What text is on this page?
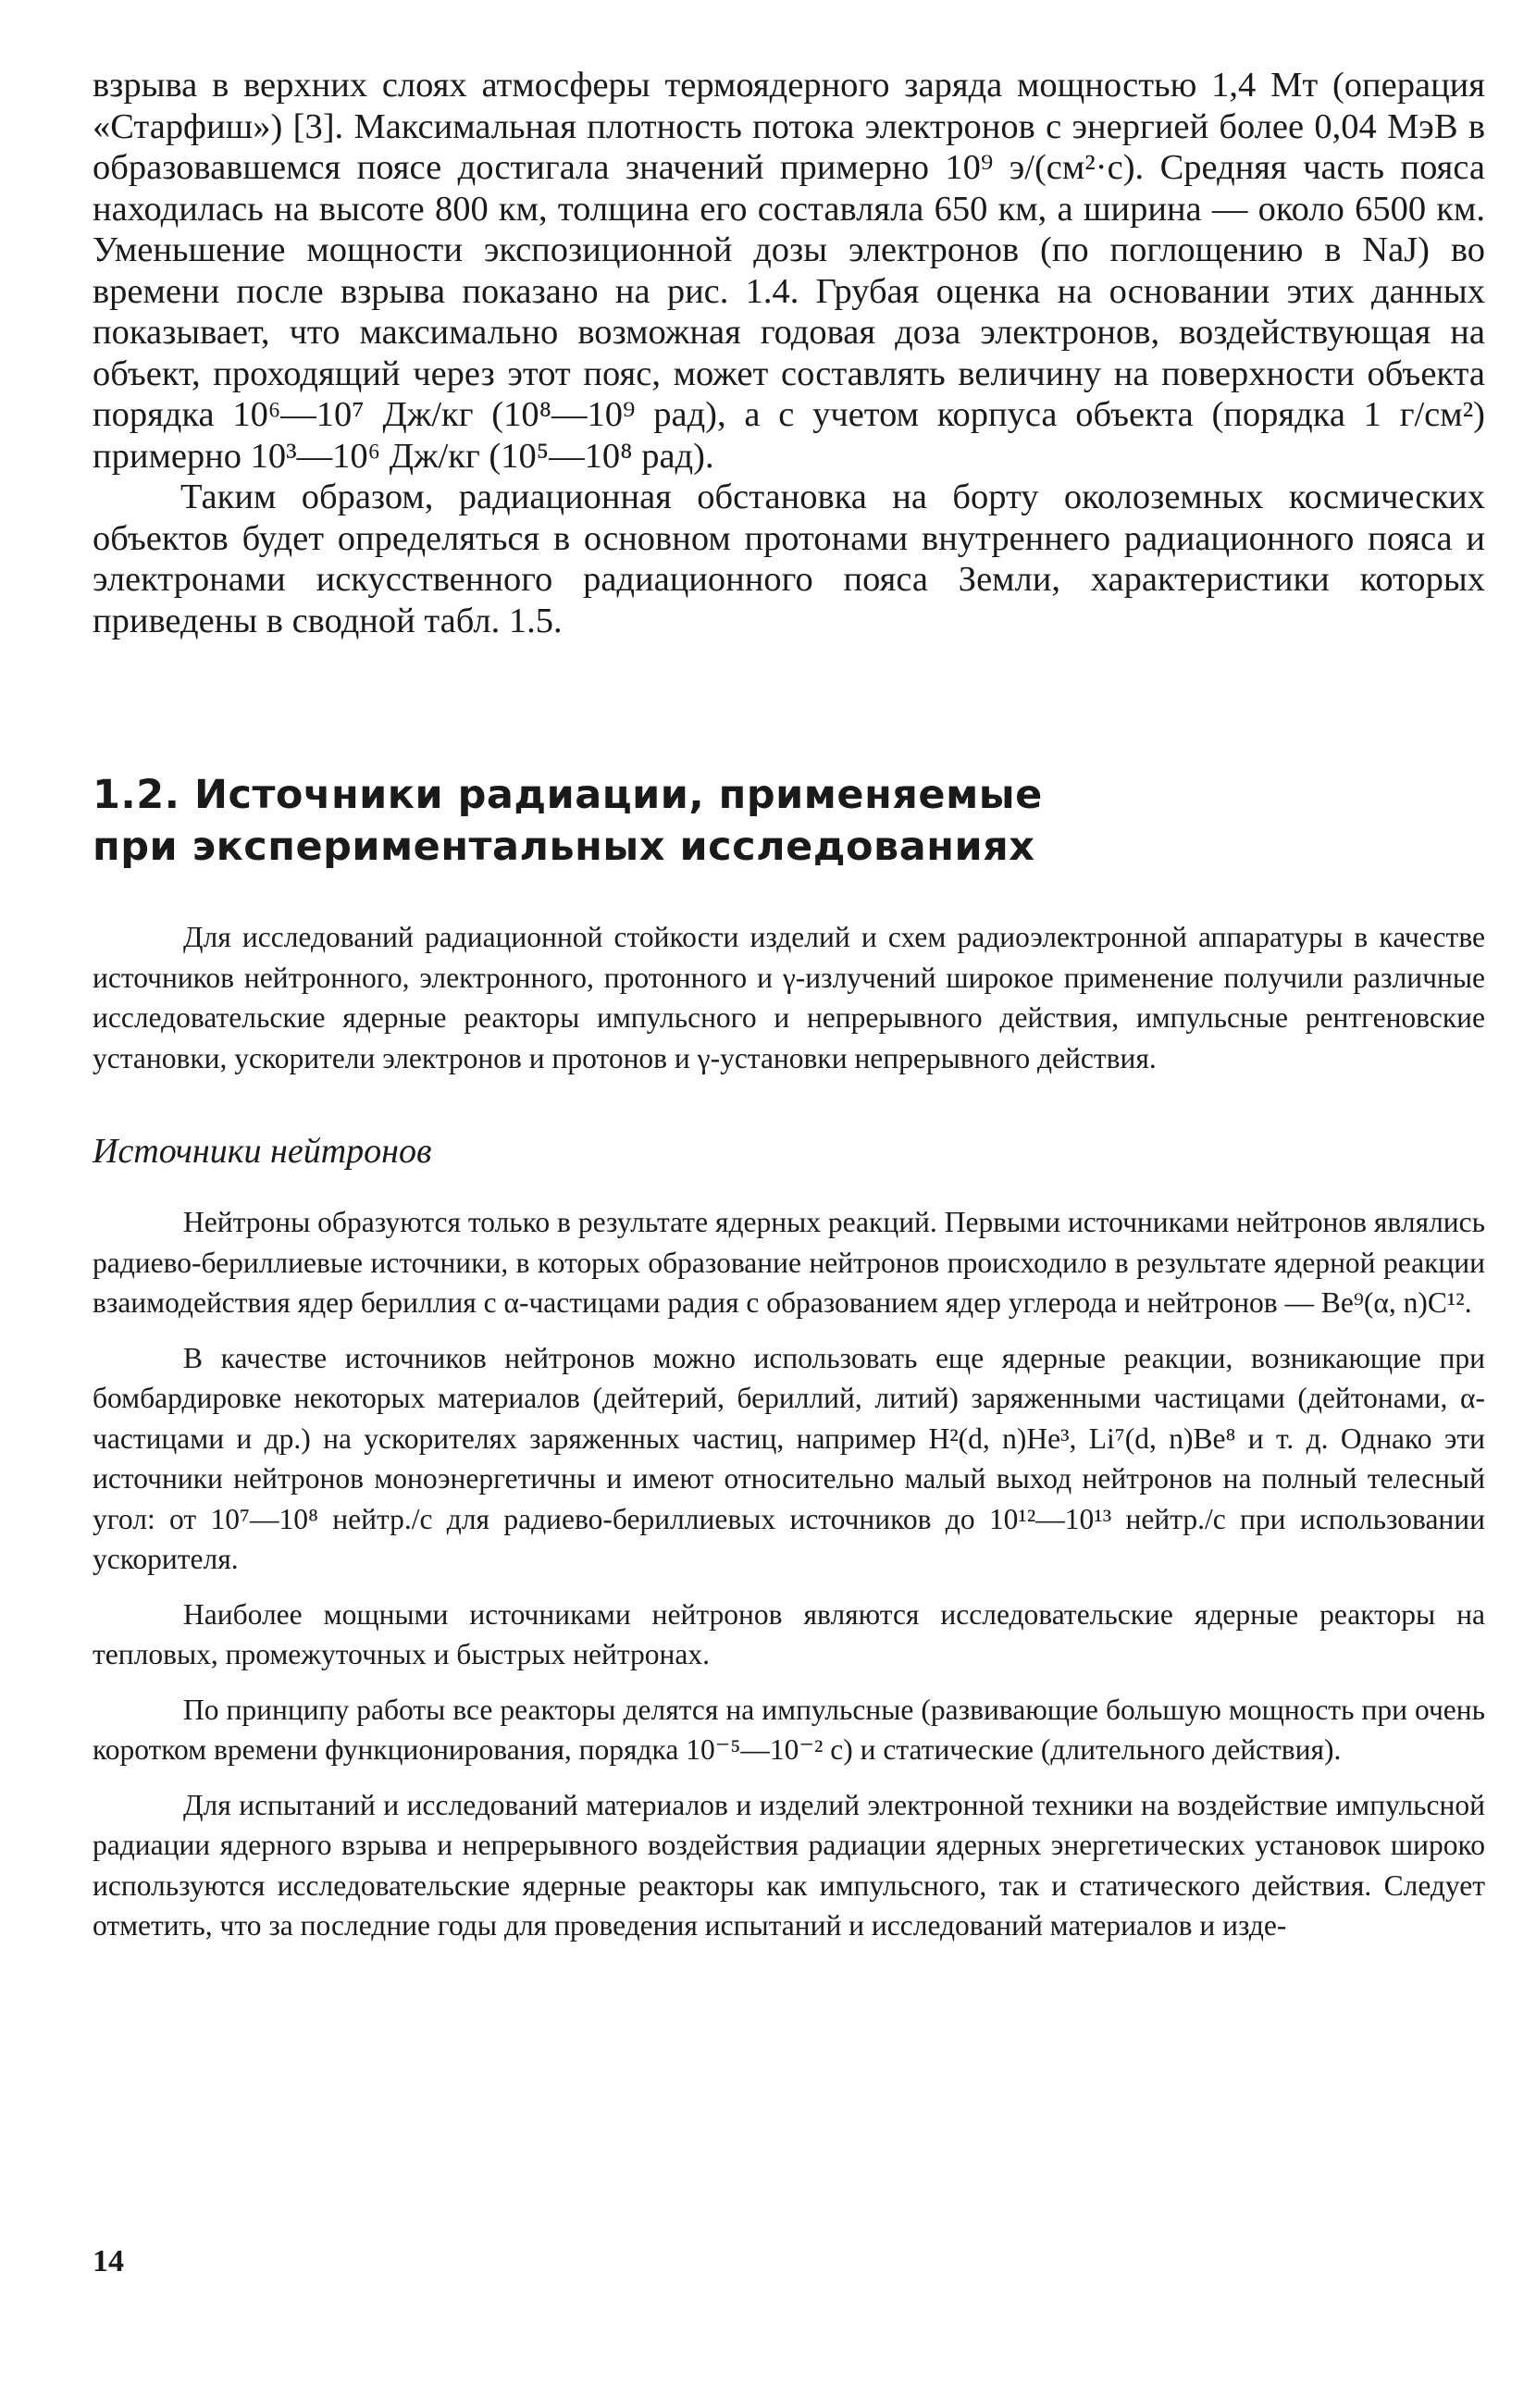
взрыва в верхних слоях атмосферы термоядерного заряда мощностью 1,4 Мт (операция «Старфиш») [3]. Максимальная плотность потока электронов с энергией более 0,04 МэВ в образовавшемся поясе достигала значений примерно 10⁹ э/(см²·с). Средняя часть пояса находилась на высоте 800 км, толщина его составляла 650 км, а ширина — около 6500 км. Уменьшение мощности экспозиционной дозы электронов (по поглощению в NaJ) во времени после взрыва показано на рис. 1.4. Грубая оценка на основании этих данных показывает, что максимально возможная годовая доза электронов, воздействующая на объект, проходящий через этот пояс, может составлять величину на поверхности объекта порядка 10⁶—10⁷ Дж/кг (10⁸—10⁹ рад), а с учетом корпуса объекта (порядка 1 г/см²) примерно 10³—10⁶ Дж/кг (10⁵—10⁸ рад).

Таким образом, радиационная обстановка на борту околоземных космических объектов будет определяться в основном протонами внутреннего радиационного пояса и электронами искусственного радиационного пояса Земли, характеристики которых приведены в сводной табл. 1.5.

1.2. Источники радиации, применяемые
при экспериментальных исследованиях

Для исследований радиационной стойкости изделий и схем радиоэлектронной аппаратуры в качестве источников нейтронного, электронного, протонного и γ-излучений широкое применение получили различные исследовательские ядерные реакторы импульсного и непрерывного действия, импульсные рентгеновские установки, ускорители электронов и протонов и γ-установки непрерывного действия.

Источники нейтронов

Нейтроны образуются только в результате ядерных реакций. Первыми источниками нейтронов являлись радиево-бериллиевые источники, в которых образование нейтронов происходило в результате ядерной реакции взаимодействия ядер бериллия с α-частицами радия с образованием ядер углерода и нейтронов — Be⁹(α, n)C¹².

В качестве источников нейтронов можно использовать еще ядерные реакции, возникающие при бомбардировке некоторых материалов (дейтерий, бериллий, литий) заряженными частицами (дейтонами, α-частицами и др.) на ускорителях заряженных частиц, например H²(d, n)He³, Li⁷(d, n)Be⁸ и т. д. Однако эти источники нейтронов моноэнергетичны и имеют относительно малый выход нейтронов на полный телесный угол: от 10⁷—10⁸ нейтр./с для радиево-бериллиевых источников до 10¹²—10¹³ нейтр./с при использовании ускорителя.

Наиболее мощными источниками нейтронов являются исследовательские ядерные реакторы на тепловых, промежуточных и быстрых нейтронах.

По принципу работы все реакторы делятся на импульсные (развивающие большую мощность при очень коротком времени функционирования, порядка 10⁻⁵—10⁻² с) и статические (длительного действия).

Для испытаний и исследований материалов и изделий электронной техники на воздействие импульсной радиации ядерного взрыва и непрерывного воздействия радиации ядерных энергетических установок широко используются исследовательские ядерные реакторы как импульсного, так и статического действия. Следует отметить, что за последние годы для проведения испытаний и исследований материалов и изде-

14
